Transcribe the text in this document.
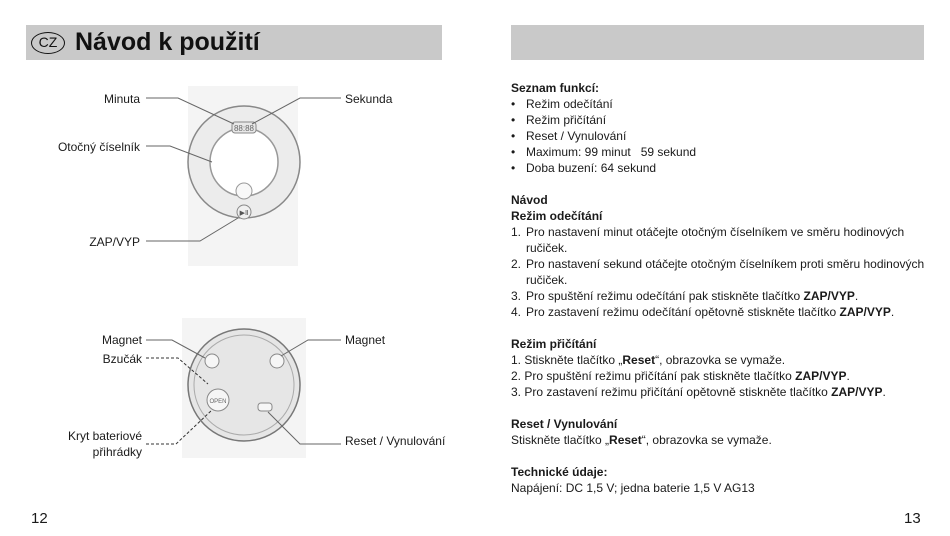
CZ Návod k použití
88:88
▶Ⅱ
OPEN
Minuta	Sekunda
Otočný číselník
ZAP/VYP
Magnet
Bzučák
Magnet
Kryt bateriové
přihrádky
Reset / Vynulování
Seznam funkcí:
• Režim odečítání
• Režim přičítání
• Reset / Vynulování
• Maximum: 99 minut   59 sekund
• Doba buzení: 64 sekund
Návod
Režim odečítání
1. Pro nastavení minut otáčejte otočným číselníkem ve směru hodinových ručiček.
2. Pro nastavení sekund otáčejte otočným číselníkem proti směru hodinových ručiček.
3. Pro spuštění režimu odečítání pak stiskněte tlačítko ZAP/VYP.
4. Pro zastavení režimu odečítání opětovně stiskněte tlačítko ZAP/VYP.
Režim přičítání
1. Stiskněte tlačítko „Reset“, obrazovka se vymaže.
2. Pro spuštění režimu přičítání pak stiskněte tlačítko ZAP/VYP.
3. Pro zastavení režimu přičítání opětovně stiskněte tlačítko ZAP/VYP.
Reset / Vynulování
Stiskněte tlačítko „Reset“, obrazovka se vymaže.
Technické údaje:
Napájení: DC 1,5 V; jedna baterie 1,5 V AG13
12	13
